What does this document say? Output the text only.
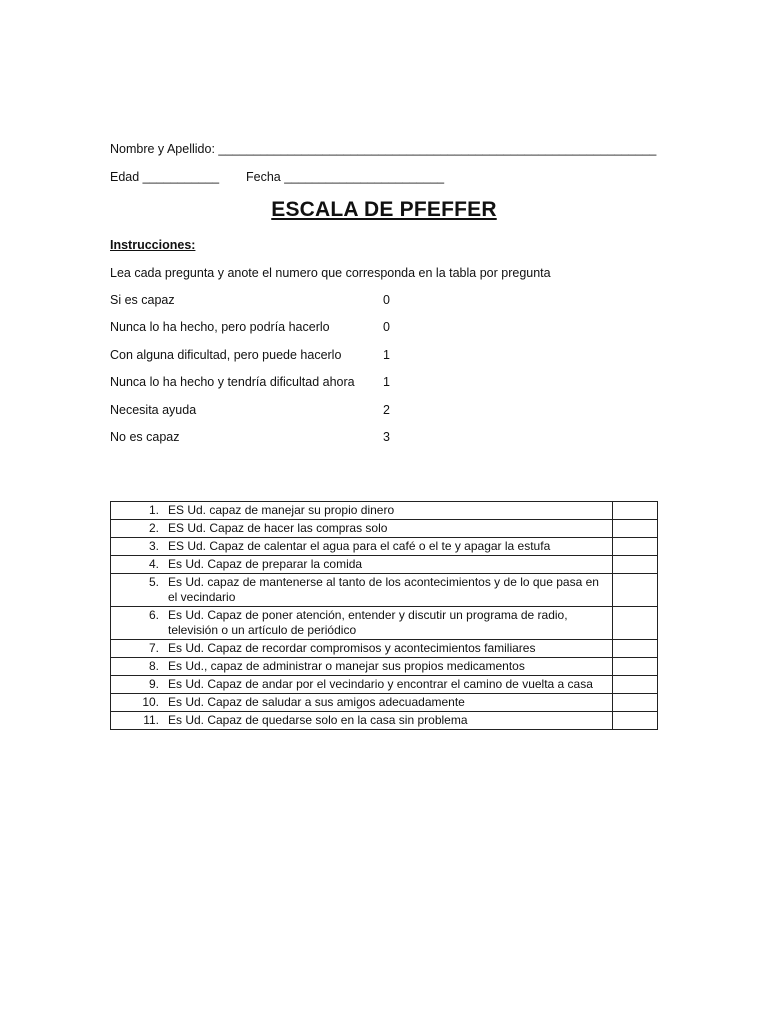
Nombre y Apellido: _______________________________________________________________
Edad ___________ Fecha _______________________
ESCALA DE PFEFFER
Instrucciones:
Lea cada pregunta y anote el numero que corresponda en la tabla por pregunta
Si es capaz	0
Nunca lo ha hecho, pero podría hacerlo	0
Con alguna dificultad, pero puede hacerlo	1
Nunca lo ha hecho y tendría dificultad ahora 1
Necesita ayuda	2
No es capaz	3
1. ES Ud. capaz de manejar su propio dinero	

2. ES Ud. Capaz de hacer las compras solo	

3. ES Ud. Capaz de calentar el agua para el café o el te y apagar la estufa	

4. Es Ud. Capaz de preparar la comida	

5. Es Ud. capaz de mantenerse al tanto de los acontecimientos y de lo que pasa en el vecindario	

6. Es Ud. Capaz de poner atención, entender y discutir un programa de radio, televisión o un artículo de periódico	

7. Es Ud. Capaz de recordar compromisos y acontecimientos familiares	

8. Es Ud., capaz de administrar o manejar sus propios medicamentos	

9. Es Ud. Capaz de andar por el vecindario y encontrar el camino de vuelta a casa	

10. Es Ud. Capaz de saludar a sus amigos adecuadamente	

11. Es Ud. Capaz de quedarse solo en la casa sin problema	
